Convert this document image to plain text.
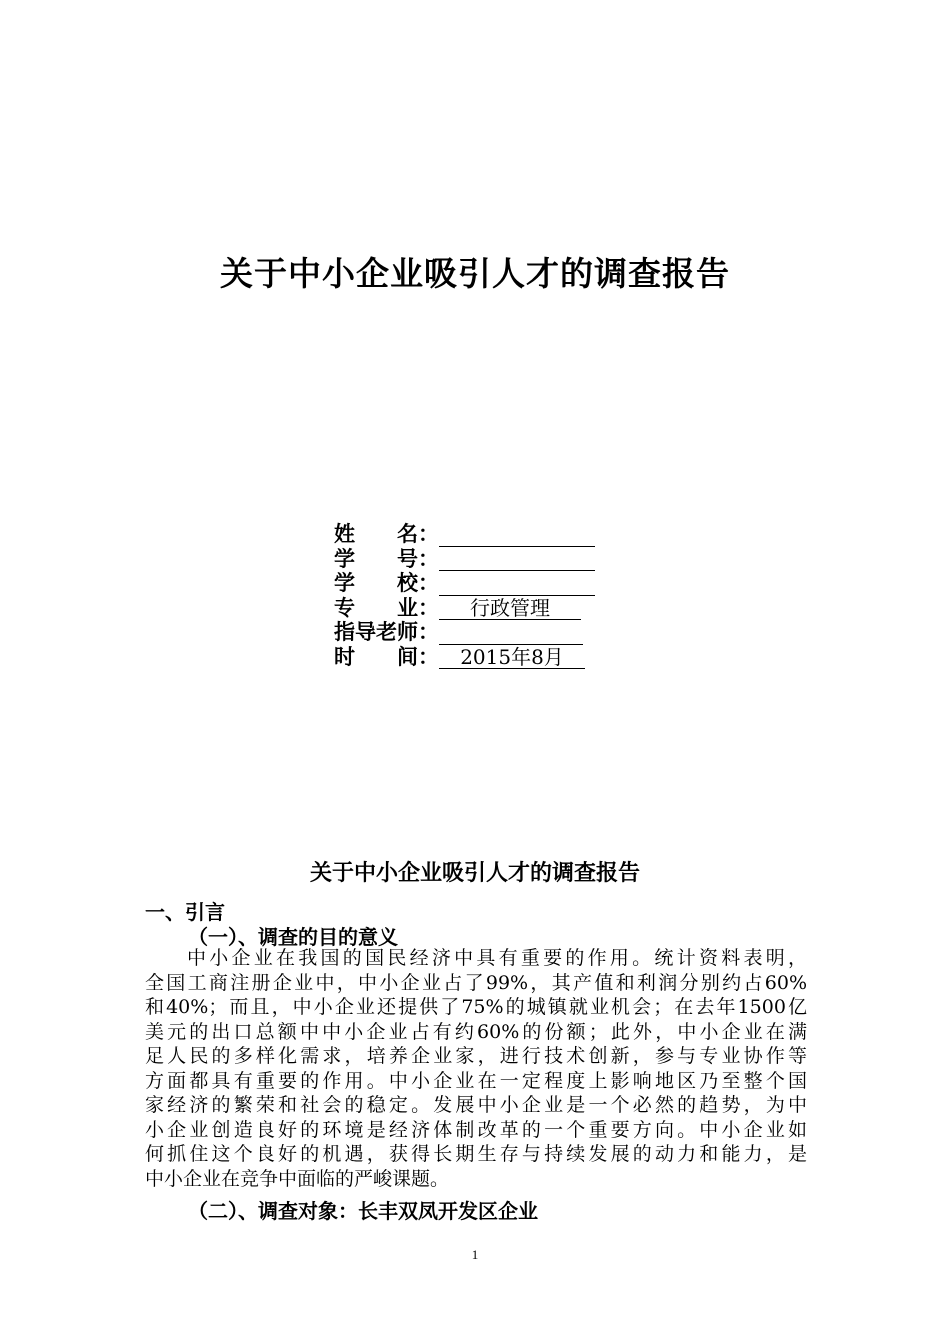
关于中小企业吸引人才的调查报告
姓　　名：
学　　号：
学　　校：
专　　业：	行政管理
指导老师：
时　　间：	2015年8月
关于中小企业吸引人才的调查报告
一、引言
（一）、调查的目的意义
中小企业在我国的国民经济中具有重要的作用。统计资料表明，
全国工商注册企业中，中小企业占了99%，其产值和利润分别约占60%
和40%；而且，中小企业还提供了75%的城镇就业机会；在去年1500亿
美元的出口总额中中小企业占有约60%的份额；此外，中小企业在满
足人民的多样化需求，培养企业家，进行技术创新，参与专业协作等
方面都具有重要的作用。中小企业在一定程度上影响地区乃至整个国
家经济的繁荣和社会的稳定。发展中小企业是一个必然的趋势，为中
小企业创造良好的环境是经济体制改革的一个重要方向。中小企业如
何抓住这个良好的机遇，获得长期生存与持续发展的动力和能力，是
中小企业在竞争中面临的严峻课题。
（二）、调查对象：长丰双凤开发区企业
1
